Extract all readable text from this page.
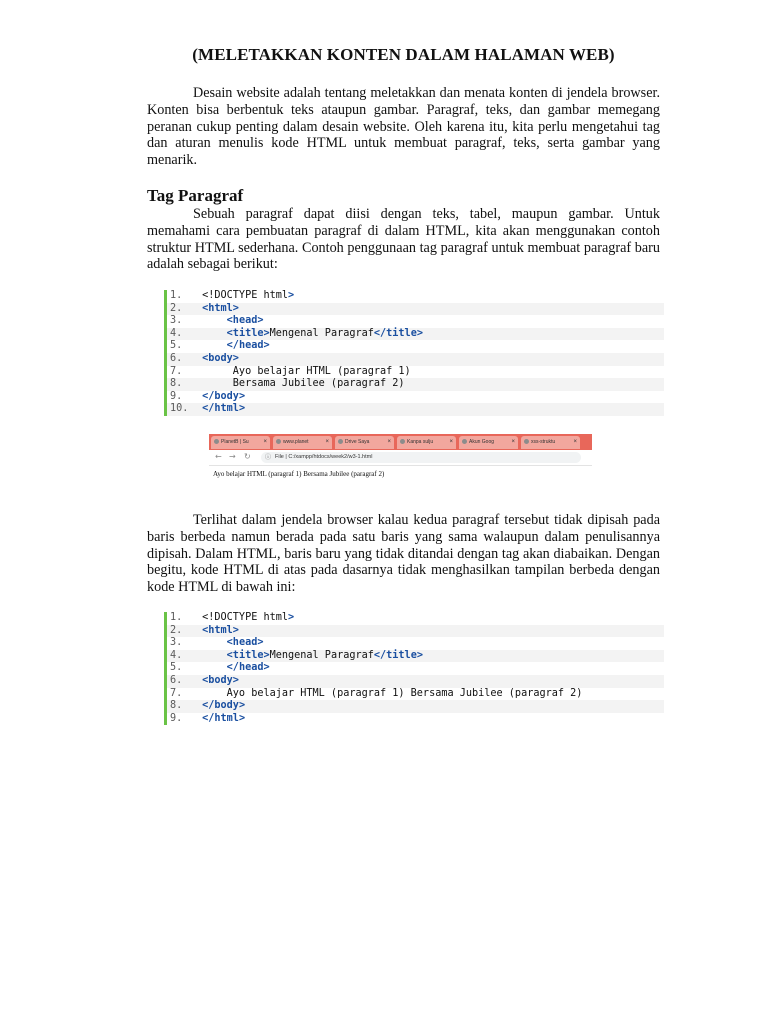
(MELETAKKAN KONTEN DALAM HALAMAN WEB)

Desain website adalah tentang meletakkan dan menata konten di jendela browser. Konten bisa berbentuk teks ataupun gambar. Paragraf, teks, dan gambar memegang peranan cukup penting dalam desain website. Oleh karena itu, kita perlu mengetahui tag dan aturan menulis kode HTML untuk membuat paragraf, teks, serta gambar yang menarik.

Tag Paragraf

Sebuah paragraf dapat diisi dengan teks, tabel, maupun gambar. Untuk memahami cara pembuatan paragraf di dalam HTML, kita akan menggunakan contoh struktur HTML sederhana. Contoh penggunaan tag paragraf untuk membuat paragraf baru adalah sebagai berikut:

1. <!DOCTYPE html>
2. <html>
3.	<head>
4.	<title>Mengenal Paragraf</title>
5.	</head>
6. <body>
7.      Ayo belajar HTML (paragraf 1)
8.      Bersama Jubilee (paragraf 2)
9. </body>
10. </html>

Terlihat dalam jendela browser kalau kedua paragraf tersebut tidak dipisah pada baris berbeda namun berada pada satu baris yang sama walaupun dalam penulisannya dipisah. Dalam HTML, baris baru yang tidak ditandai dengan tag akan diabaikan. Dengan begitu, kode HTML di atas pada dasarnya tidak menghasilkan tampilan berbeda dengan kode HTML di bawah ini:

1. <!DOCTYPE html>
2. <html>
3.	<head>
4.	<title>Mengenal Paragraf</title>
5.	</head>
6. <body>
7.     Ayo belajar HTML (paragraf 1) Bersama Jubilee (paragraf 2)
8. </body>
9. </html>
PlanetB | Su ×	www.planet	×	Drive Saya	×	Kanpa sulju	×	Akun Goog	×	xss-struktu	×
← → ↻ ⓘ File | C:/xampp/htdocs/week2/w3-1.html
Ayo belajar HTML (paragraf 1) Bersama Jubilee (paragraf 2)
